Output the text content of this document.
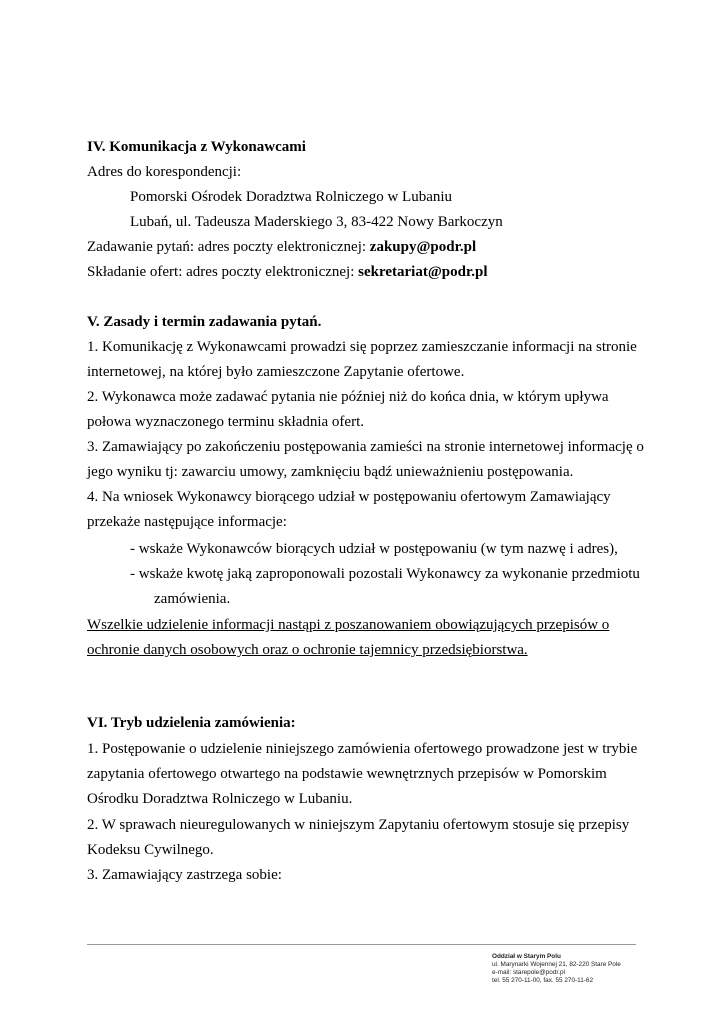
IV. Komunikacja z Wykonawcami

Adres do korespondencji:

Pomorski Ośrodek Doradztwa Rolniczego w Lubaniu

Lubań, ul. Tadeusza Maderskiego 3, 83-422 Nowy Barkoczyn

Zadawanie pytań: adres poczty elektronicznej: zakupy@podr.pl

Składanie ofert: adres poczty elektronicznej: sekretariat@podr.pl

V. Zasady i termin zadawania pytań.

1. Komunikację z Wykonawcami prowadzi się poprzez zamieszczanie informacji na stronie

internetowej, na której było zamieszczone Zapytanie ofertowe.

2. Wykonawca może zadawać pytania nie później niż do końca dnia, w którym upływa

połowa wyznaczonego terminu składnia ofert.

3. Zamawiający po zakończeniu postępowania zamieści na stronie internetowej informację o

jego wyniku tj: zawarciu umowy, zamknięciu bądź unieważnieniu postępowania.

4. Na wniosek Wykonawcy biorącego udział w postępowaniu ofertowym Zamawiający

przekaże następujące informacje:

- wskaże Wykonawców biorących udział w postępowaniu (w tym nazwę i adres),

- wskaże kwotę jaką zaproponowali pozostali Wykonawcy za wykonanie przedmiotu

zamówienia.

Wszelkie udzielenie informacji nastąpi z poszanowaniem obowiązujących przepisów o

ochronie danych osobowych oraz o ochronie tajemnicy przedsiębiorstwa.

VI. Tryb udzielenia zamówienia:

1. Postępowanie o udzielenie niniejszego zamówienia ofertowego prowadzone jest w trybie

zapytania ofertowego otwartego na podstawie wewnętrznych przepisów w Pomorskim

Ośrodku Doradztwa Rolniczego w Lubaniu.

2. W sprawach nieuregulowanych w niniejszym Zapytaniu ofertowym stosuje się przepisy

Kodeksu Cywilnego.

3. Zamawiający zastrzega sobie:

Oddział w Starym Polu
ul. Marynarki Wojennej 21, 82-220 Stare Pole
e-mail: starepole@podr.pl
tel. 55 270-11-00, fax. 55 270-11-62
